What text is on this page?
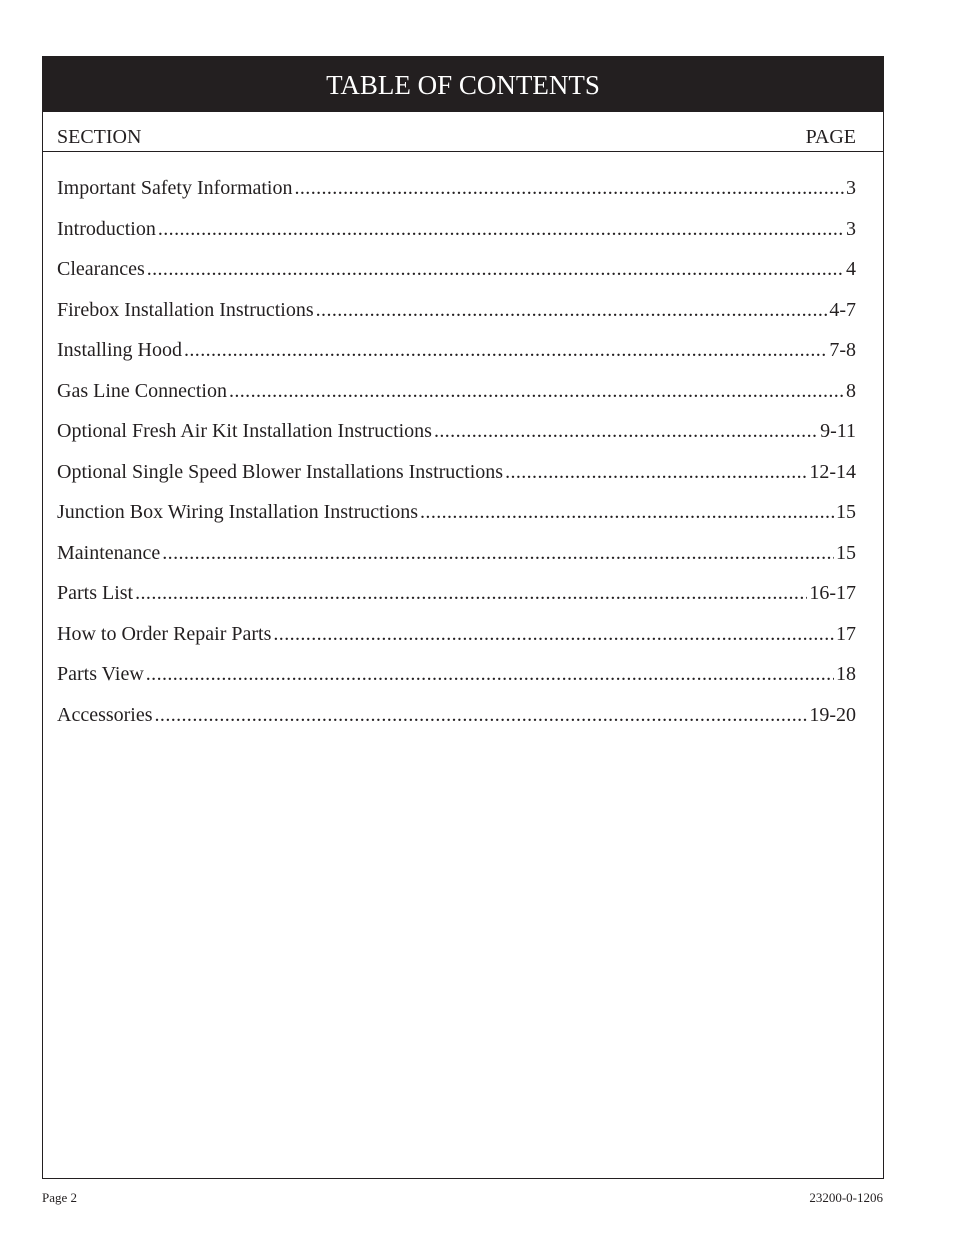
TABLE OF CONTENTS
SECTION	PAGE
Important Safety Information .....	3
Introduction .....	3
Clearances .....	4
Firebox Installation Instructions .....	4-7
Installing Hood .....	7-8
Gas Line Connection .....	8
Optional Fresh Air Kit Installation Instructions .....	9-11
Optional Single Speed Blower Installations Instructions .....	12-14
Junction Box Wiring Installation Instructions .....	15
Maintenance .....	15
Parts List .....	16-17
How to Order Repair Parts .....	17
Parts View .....	18
Accessories .....	19-20
Page 2	23200-0-1206
